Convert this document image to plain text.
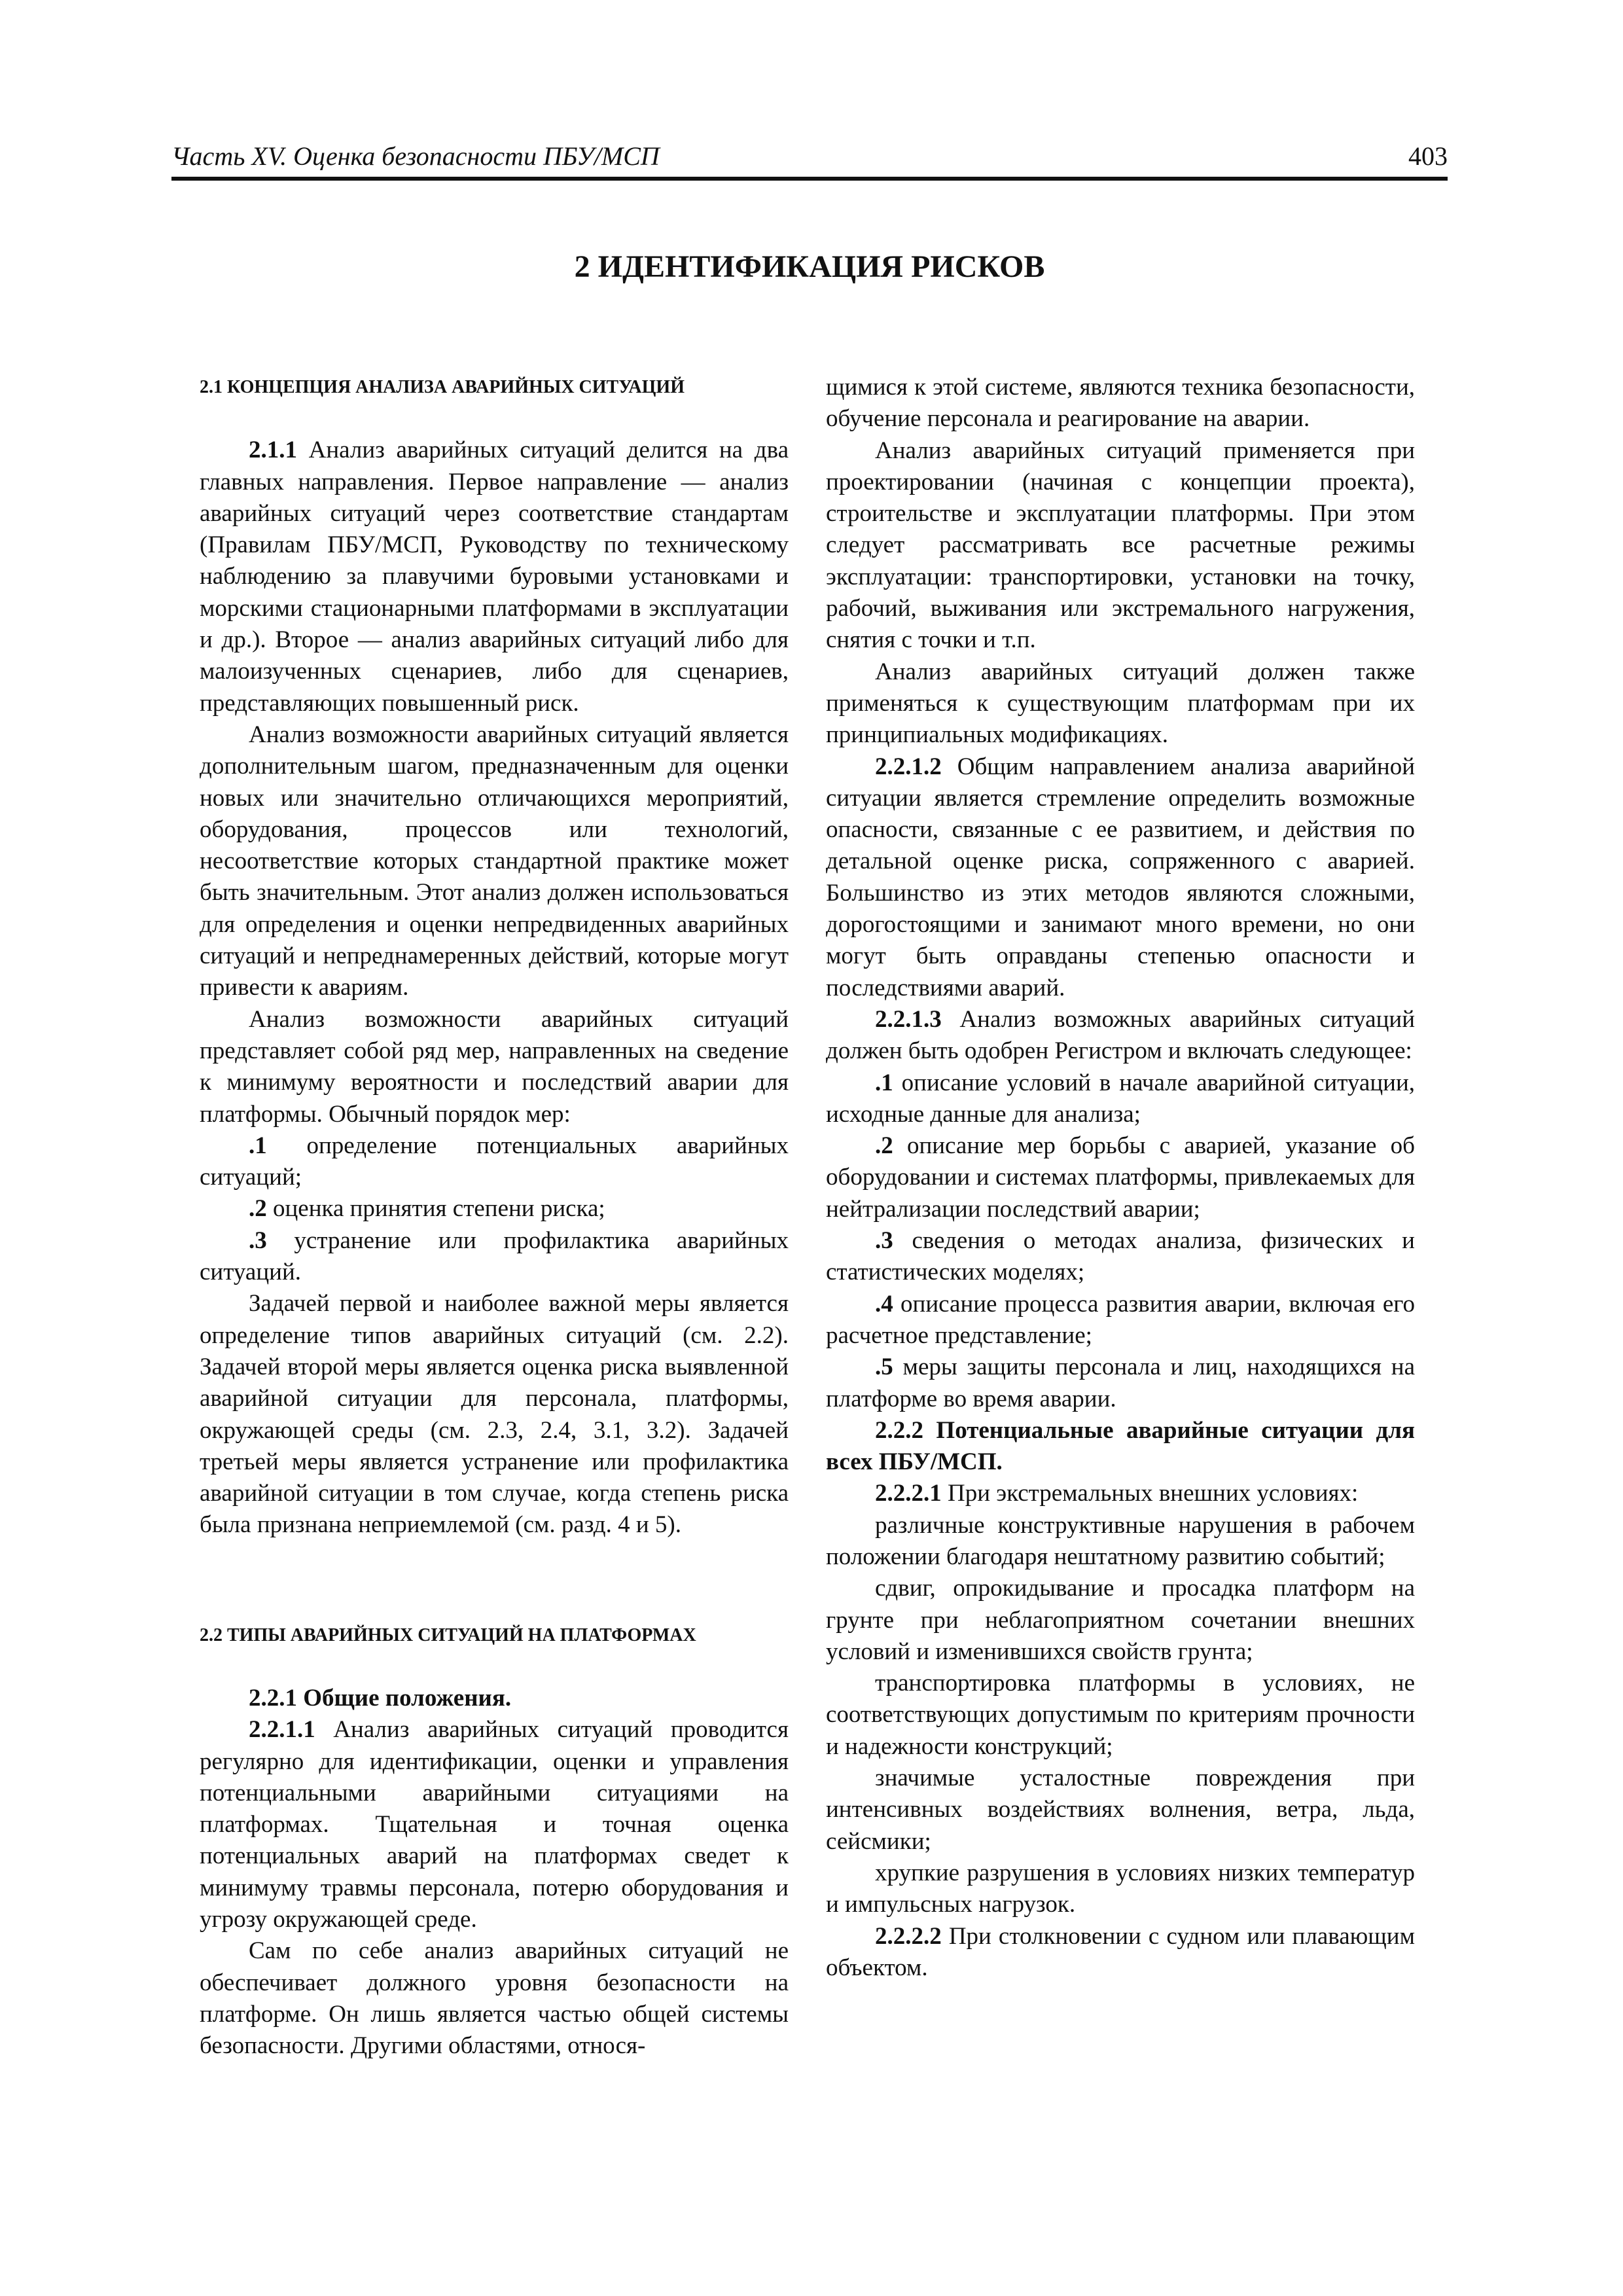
Часть XV. Оценка безопасности ПБУ/МСП	403
2 ИДЕНТИФИКАЦИЯ РИСКОВ
2.1 КОНЦЕПЦИЯ АНАЛИЗА АВАРИЙНЫХ СИТУАЦИЙ

2.1.1 Анализ аварийных ситуаций делится на два главных направления. Первое направление — анализ аварийных ситуаций через соответствие стандартам (Правилам ПБУ/МСП, Руководству по техническому наблюдению за плавучими буровыми установками и морскими стационарными платформами в эксплуатации и др.). Второе — анализ аварийных ситуаций либо для малоизученных сценариев, либо для сценариев, представляющих повышенный риск.

Анализ возможности аварийных ситуаций является дополнительным шагом, предназначенным для оценки новых или значительно отличающихся мероприятий, оборудования, процессов или технологий, несоответствие которых стандартной практике может быть значительным. Этот анализ должен использоваться для определения и оценки непредвиденных аварийных ситуаций и непреднамеренных действий, которые могут привести к авариям.

Анализ возможности аварийных ситуаций представляет собой ряд мер, направленных на сведение к минимуму вероятности и последствий аварии для платформы. Обычный порядок мер:

.1 определение потенциальных аварийных ситуаций;

.2 оценка принятия степени риска;

.3 устранение или профилактика аварийных ситуаций.

Задачей первой и наиболее важной меры является определение типов аварийных ситуаций (см. 2.2). Задачей второй меры является оценка риска выявленной аварийной ситуации для персонала, платформы, окружающей среды (см. 2.3, 2.4, 3.1, 3.2). Задачей третьей меры является устранение или профилактика аварийной ситуации в том случае, когда степень риска была признана неприемлемой (см. разд. 4 и 5).

2.2 ТИПЫ АВАРИЙНЫХ СИТУАЦИЙ НА ПЛАТФОРМАХ

2.2.1 Общие положения.

2.2.1.1 Анализ аварийных ситуаций проводится регулярно для идентификации, оценки и управления потенциальными аварийными ситуациями на платформах. Тщательная и точная оценка потенциальных аварий на платформах сведет к минимуму травмы персонала, потерю оборудования и угрозу окружающей среде.

Сам по себе анализ аварийных ситуаций не обеспечивает должного уровня безопасности на платформе. Он лишь является частью общей системы безопасности. Другими областями, относя-

щимися к этой системе, являются техника безопасности, обучение персонала и реагирование на аварии.

Анализ аварийных ситуаций применяется при проектировании (начиная с концепции проекта), строительстве и эксплуатации платформы. При этом следует рассматривать все расчетные режимы эксплуатации: транспортировки, установки на точку, рабочий, выживания или экстремального нагружения, снятия с точки и т.п.

Анализ аварийных ситуаций должен также применяться к существующим платформам при их принципиальных модификациях.

2.2.1.2 Общим направлением анализа аварийной ситуации является стремление определить возможные опасности, связанные с ее развитием, и действия по детальной оценке риска, сопряженного с аварией. Большинство из этих методов являются сложными, дорогостоящими и занимают много времени, но они могут быть оправданы степенью опасности и последствиями аварий.

2.2.1.3 Анализ возможных аварийных ситуаций должен быть одобрен Регистром и включать следующее:

.1 описание условий в начале аварийной ситуации, исходные данные для анализа;

.2 описание мер борьбы с аварией, указание об оборудовании и системах платформы, привлекаемых для нейтрализации последствий аварии;

.3 сведения о методах анализа, физических и статистических моделях;

.4 описание процесса развития аварии, включая его расчетное представление;

.5 меры защиты персонала и лиц, находящихся на платформе во время аварии.

2.2.2 Потенциальные аварийные ситуации для всех ПБУ/МСП.

2.2.2.1 При экстремальных внешних условиях:

различные конструктивные нарушения в рабочем положении благодаря нештатному развитию событий;

сдвиг, опрокидывание и просадка платформ на грунте при неблагоприятном сочетании внешних условий и изменившихся свойств грунта;

транспортировка платформы в условиях, не соответствующих допустимым по критериям прочности и надежности конструкций;

значимые усталостные повреждения при интенсивных воздействиях волнения, ветра, льда, сейсмики;

хрупкие разрушения в условиях низких температур и импульсных нагрузок.

2.2.2.2 При столкновении с судном или плавающим объектом.
